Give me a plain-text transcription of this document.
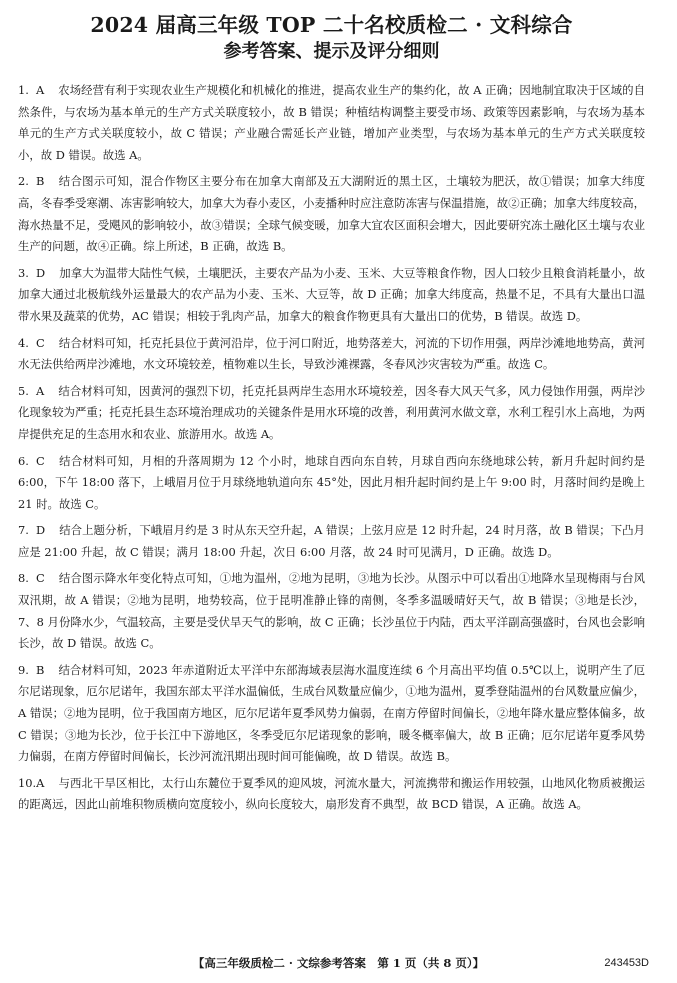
2024 届高三年级 TOP 二十名校质检二 · 文科综合
参考答案、提示及评分细则

1. A 农场经营有利于实现农业生产规模化和机械化的推进，提高农业生产的集约化，故 A 正确；因地制宜取决于区域的自然条件，与农场为基本单元的生产方式关联度较小，故 B 错误；种植结构调整主要受市场、政策等因素影响，与农场为基本单元的生产方式关联度较小，故 C 错误；产业融合需延长产业链，增加产业类型，与农场为基本单元的生产方式关联度较小，故 D 错误。故选 A。

2. B 结合图示可知，混合作物区主要分布在加拿大南部及五大湖附近的黑土区，土壤较为肥沃，故①错误；加拿大纬度高，冬春季受寒潮、冻害影响较大，加拿大为春小麦区，小麦播种时应注意防冻害与保温措施，故②正确；加拿大纬度较高，海水热量不足，受飓风的影响较小，故③错误；全球气候变暖，加拿大宜农区面积会增大，因此要研究冻土融化区土壤与农业生产的问题，故④正确。综上所述，B 正确，故选 B。

3. D 加拿大为温带大陆性气候，土壤肥沃，主要农产品为小麦、玉米、大豆等粮食作物，因人口较少且粮食消耗量小，故加拿大通过北极航线外运量最大的农产品为小麦、玉米、大豆等，故 D 正确；加拿大纬度高，热量不足，不具有大量出口温带水果及蔬菜的优势，AC 错误；相较于乳肉产品，加拿大的粮食作物更具有大量出口的优势，B 错误。故选 D。

4. C 结合材料可知，托克托县位于黄河沿岸，位于河口附近，地势落差大，河流的下切作用强，两岸沙滩地地势高，黄河水无法供给两岸沙滩地，水文环境较差，植物难以生长，导致沙滩裸露，冬春风沙灾害较为严重。故选 C。

5. A 结合材料可知，因黄河的强烈下切，托克托县两岸生态用水环境较差，因冬春大风天气多，风力侵蚀作用强，两岸沙化现象较为严重；托克托县生态环境治理成功的关键条件是用水环境的改善，利用黄河水做文章，水利工程引水上高地，为两岸提供充足的生态用水和农业、旅游用水。故选 A。

6. C 结合材料可知，月相的升落周期为 12 个小时，地球自西向东自转，月球自西向东绕地球公转，新月升起时间约是 6:00，下午 18:00 落下，上峨眉月位于月球绕地轨道向东 45°处，因此月相升起时间约是上午 9:00 时，月落时间约是晚上 21 时。故选 C。

7. D 结合上题分析，下峨眉月约是 3 时从东天空升起，A 错误；上弦月应是 12 时升起，24 时月落，故 B 错误；下凸月应是 21:00 升起，故 C 错误；满月 18:00 升起，次日 6:00 月落，故 24 时可见满月，D 正确。故选 D。

8. C 结合图示降水年变化特点可知，①地为温州，②地为昆明，③地为长沙。从图示中可以看出①地降水呈现梅雨与台风双汛期，故 A 错误；②地为昆明，地势较高，位于昆明准静止锋的南侧，冬季多温暖晴好天气，故 B 错误；③地是长沙，7、8 月份降水少，气温较高，主要是受伏旱天气的影响，故 C 正确；长沙虽位于内陆，西太平洋副高强盛时，台风也会影响长沙，故 D 错误。故选 C。

9. B 结合材料可知，2023 年赤道附近太平洋中东部海域表层海水温度连续 6 个月高出平均值 0.5℃以上，说明产生了厄尔尼诺现象，厄尔尼诺年，我国东部太平洋水温偏低，生成台风数量应偏少，①地为温州，夏季登陆温州的台风数量应偏少，A 错误；②地为昆明，位于我国南方地区，厄尔尼诺年夏季风势力偏弱，在南方停留时间偏长，②地年降水量应整体偏多，故 C 错误；③地为长沙，位于长江中下游地区，冬季受厄尔尼诺现象的影响，暖冬概率偏大，故 B 正确；厄尔尼诺年夏季风势力偏弱，在南方停留时间偏长，长沙河流汛期出现时间可能偏晚，故 D 错误。故选 B。

10.A 与西北干旱区相比，太行山东麓位于夏季风的迎风坡，河流水量大，河流携带和搬运作用较强，山地风化物质被搬运的距离远，因此山前堆积物质横向宽度较小，纵向长度较大，扇形发育不典型，故 BCD 错误，A 正确。故选 A。

【高三年级质检二 · 文综参考答案　第 1 页（共 8 页）】	243453D
